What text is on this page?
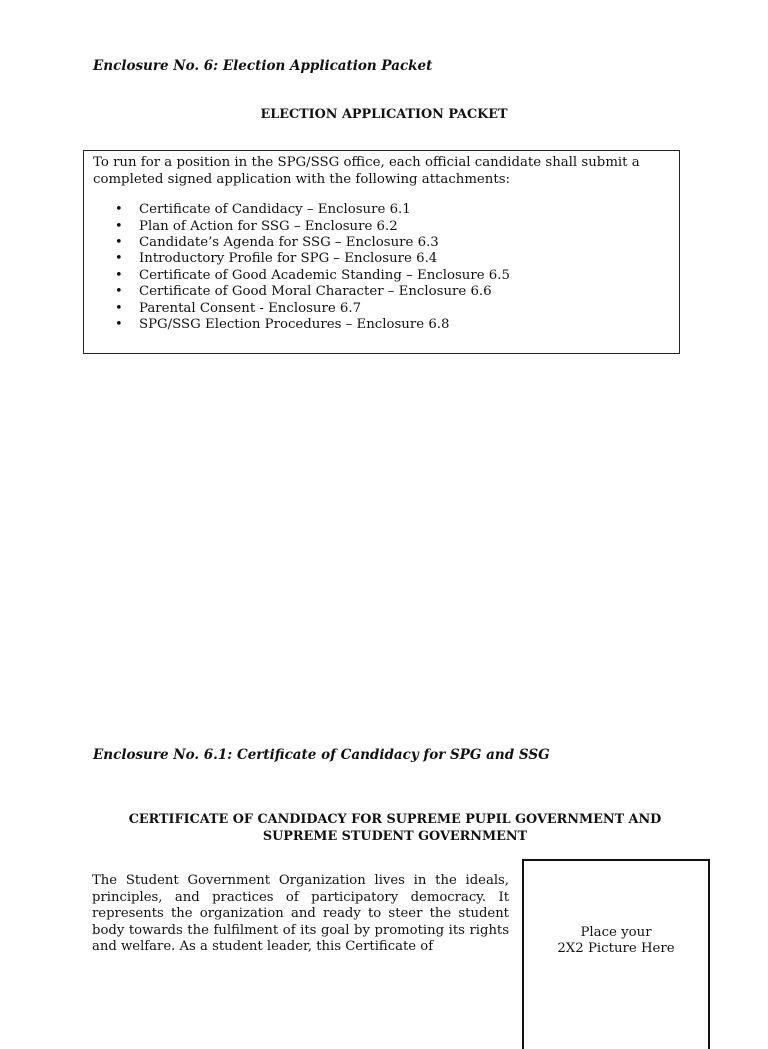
Enclosure No. 6: Election Application Packet
ELECTION APPLICATION PACKET

To run for a position in the SPG/SSG office, each official candidate shall submit a completed signed application with the following attachments:

• Certificate of Candidacy – Enclosure 6.1
• Plan of Action for SSG – Enclosure 6.2
• Candidate’s Agenda for SSG – Enclosure 6.3
• Introductory Profile for SPG – Enclosure 6.4
• Certificate of Good Academic Standing – Enclosure 6.5
• Certificate of Good Moral Character – Enclosure 6.6
• Parental Consent - Enclosure 6.7
• SPG/SSG Election Procedures – Enclosure 6.8
Enclosure No. 6.1: Certificate of Candidacy for SPG and SSG

CERTIFICATE OF CANDIDACY FOR SUPREME PUPIL GOVERNMENT AND SUPREME STUDENT GOVERNMENT

The Student Government Organization lives in the ideals, principles, and practices of participatory democracy. It represents the organization and ready to steer the student body towards the fulfilment of its goal by promoting its rights and welfare. As a student leader, this Certificate of

Place your
2X2 Picture Here
